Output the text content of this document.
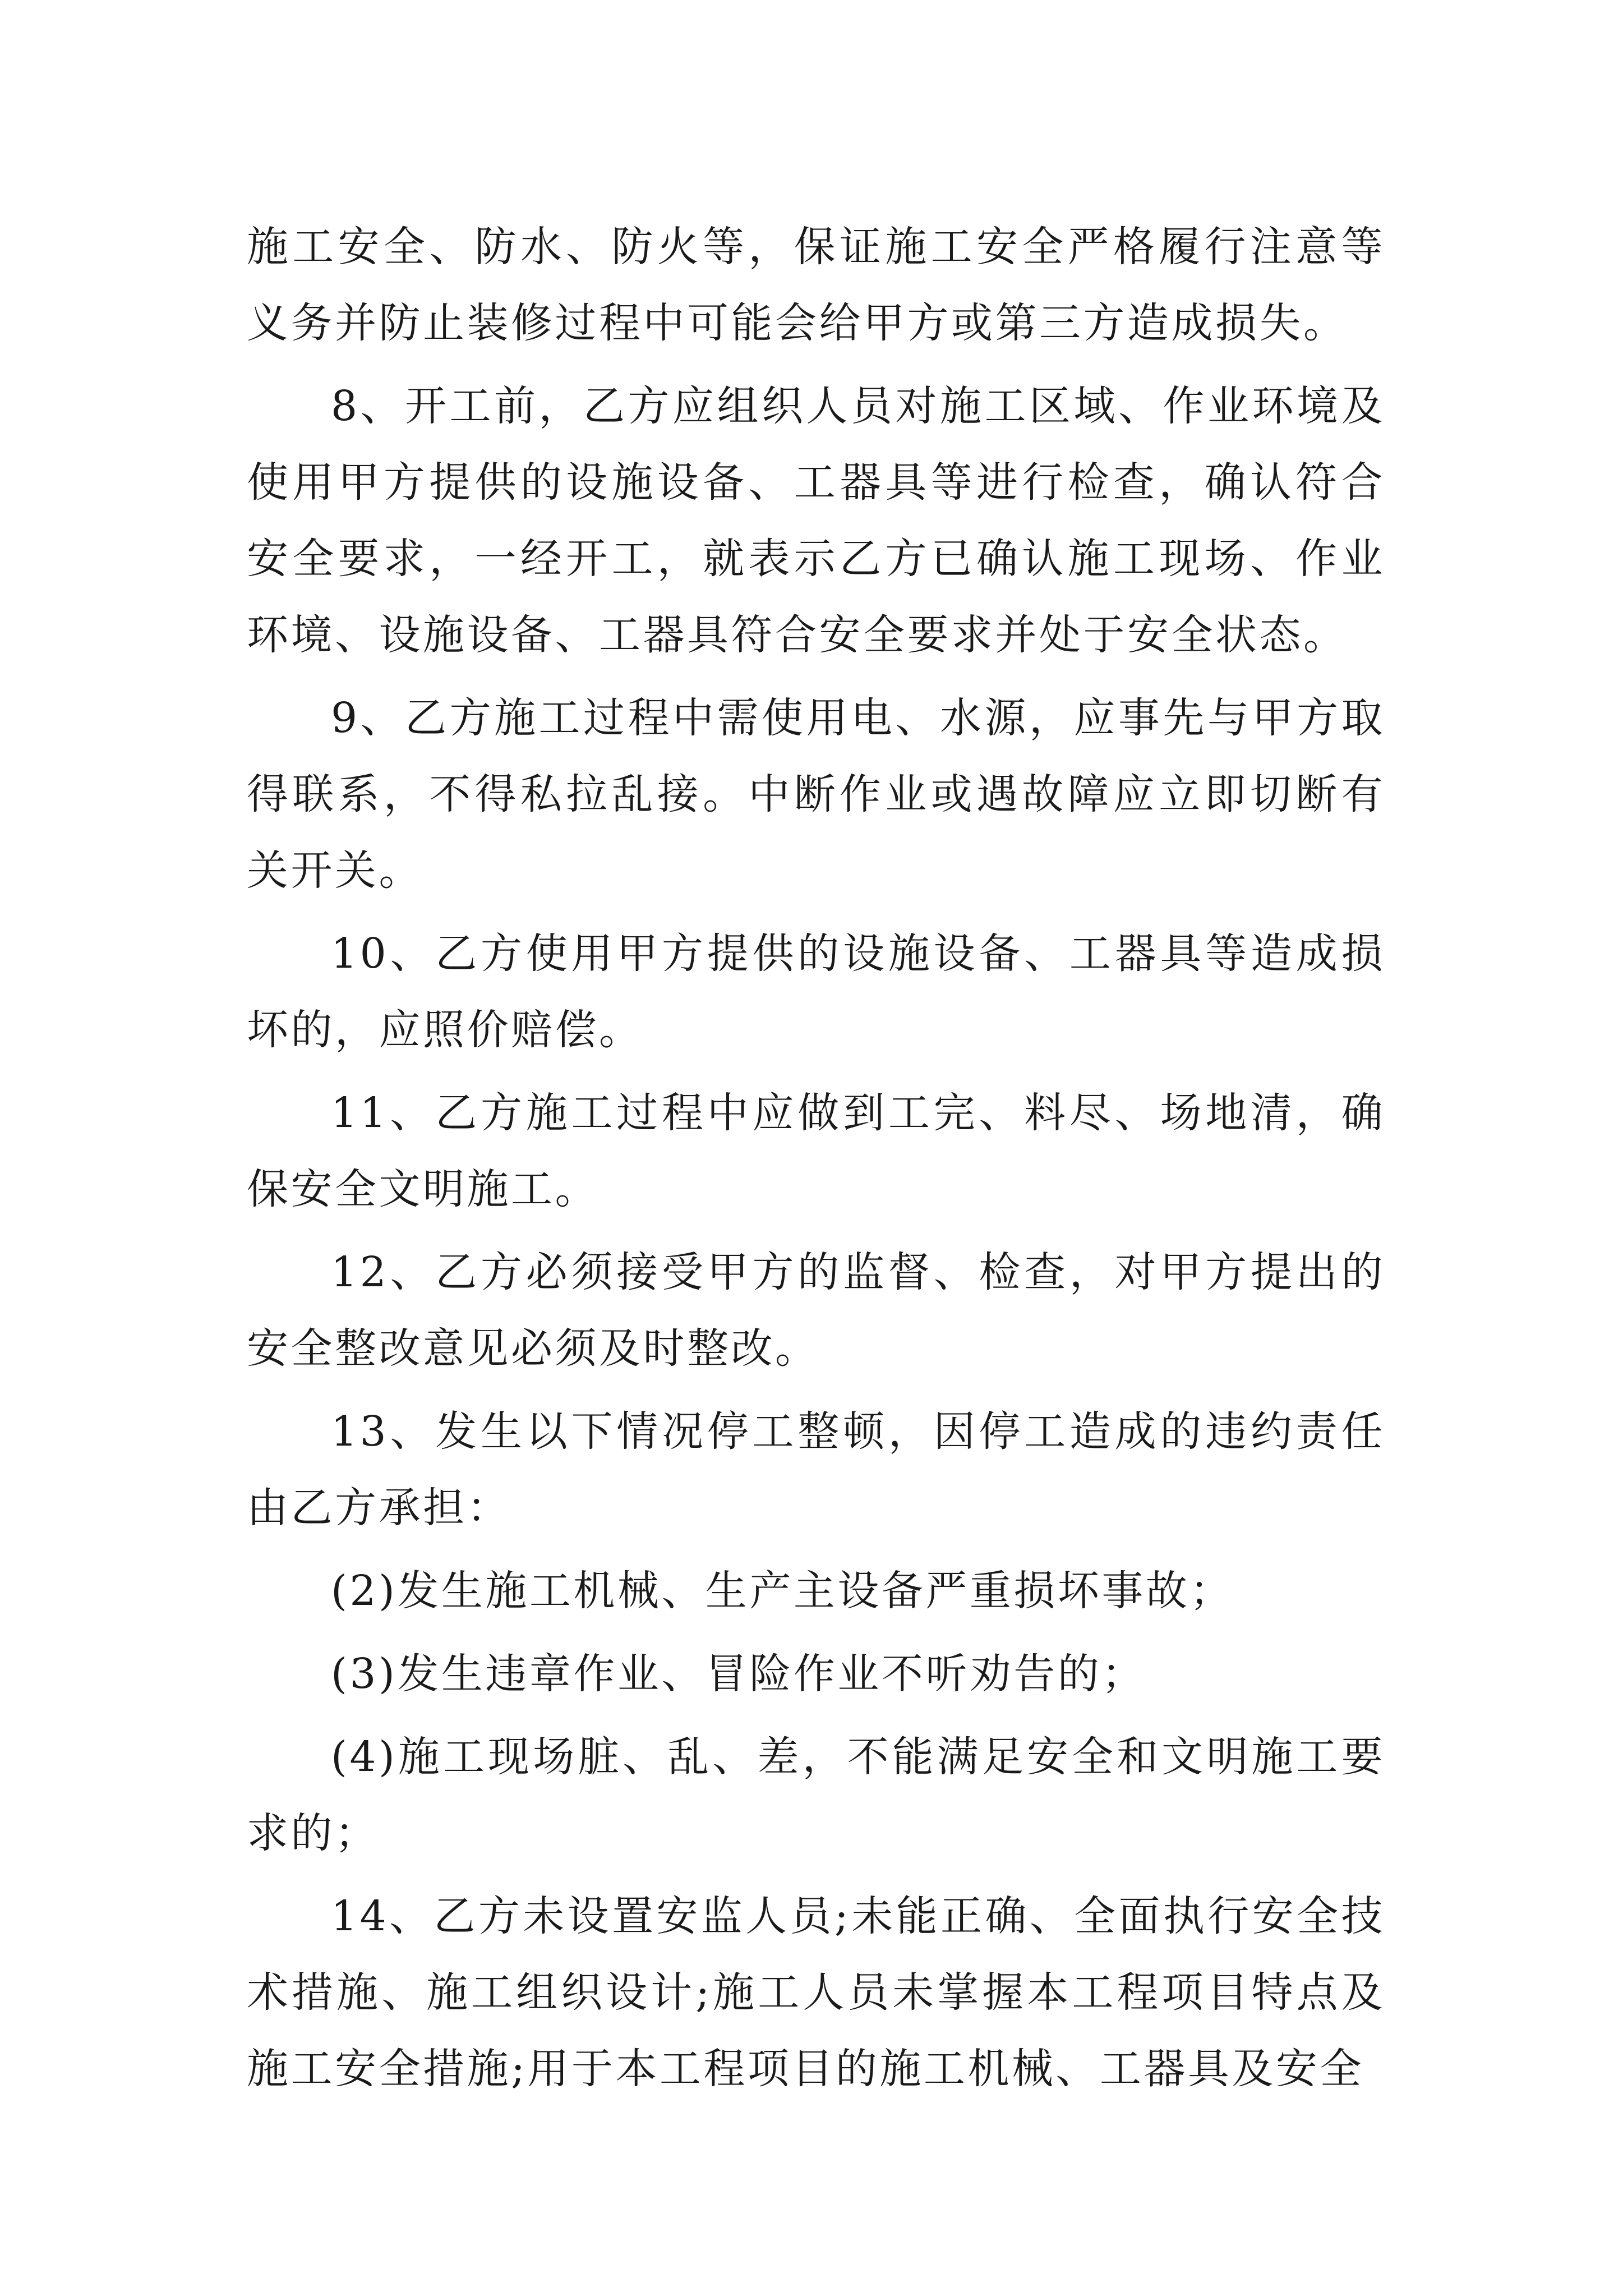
施工安全、防水、防火等，保证施工安全严格履行注意等义务并防止装修过程中可能会给甲方或第三方造成损失。

8、开工前，乙方应组织人员对施工区域、作业环境及使用甲方提供的设施设备、工器具等进行检查，确认符合安全要求，一经开工，就表示乙方已确认施工现场、作业环境、设施设备、工器具符合安全要求并处于安全状态。

9、乙方施工过程中需使用电、水源，应事先与甲方取得联系，不得私拉乱接。中断作业或遇故障应立即切断有关开关。

10、乙方使用甲方提供的设施设备、工器具等造成损坏的，应照价赔偿。

11、乙方施工过程中应做到工完、料尽、场地清，确保安全文明施工。

12、乙方必须接受甲方的监督、检查，对甲方提出的安全整改意见必须及时整改。

13、发生以下情况停工整顿，因停工造成的违约责任由乙方承担：

(2)发生施工机械、生产主设备严重损坏事故；

(3)发生违章作业、冒险作业不听劝告的；

(4)施工现场脏、乱、差，不能满足安全和文明施工要求的；

14、乙方未设置安监人员;未能正确、全面执行安全技术措施、施工组织设计;施工人员未掌握本工程项目特点及施工安全措施;用于本工程项目的施工机械、工器具及安全
